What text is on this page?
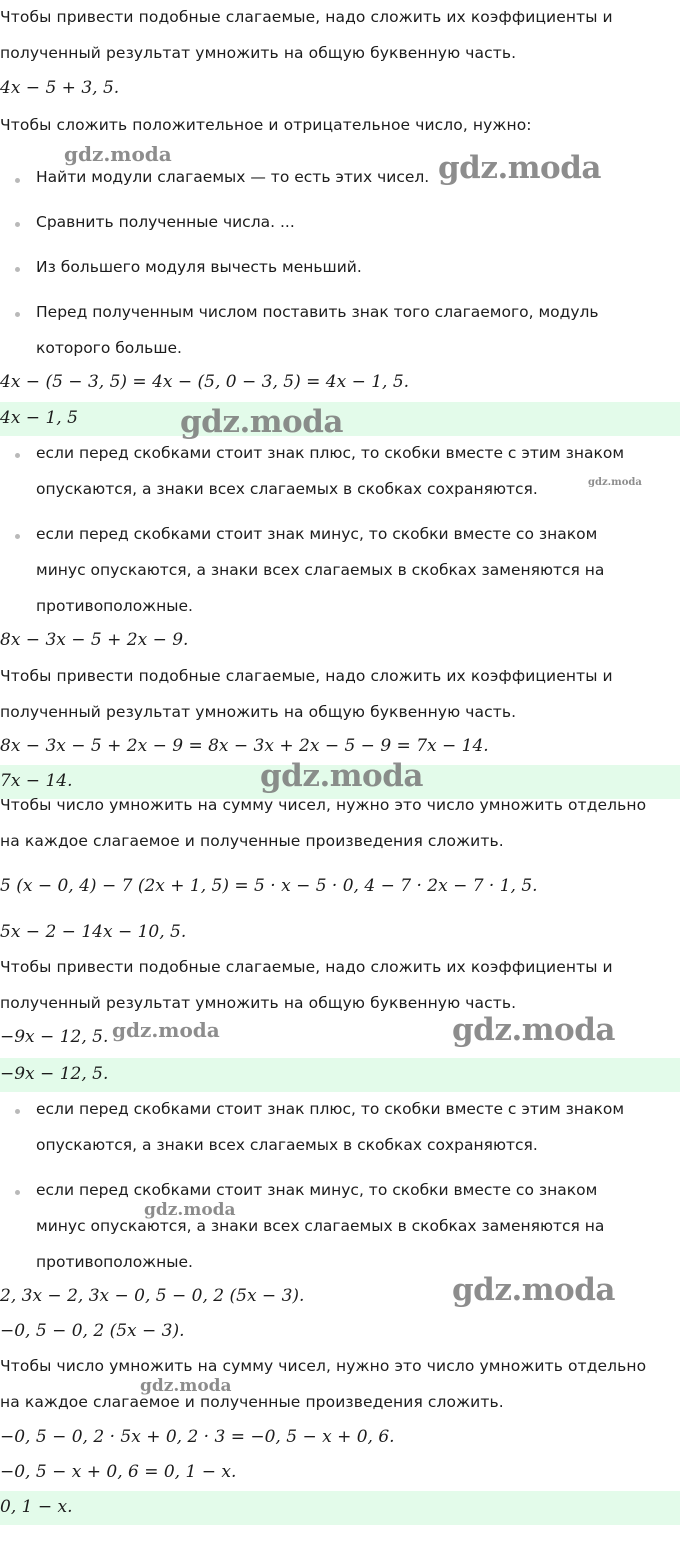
Чтобы привести подобные слагаемые, надо сложить их коэффициенты и
полученный результат умножить на общую буквенную часть.
4x − 5 + 3, 5.
Чтобы сложить положительное и отрицательное число, нужно:
Найти модули слагаемых — то есть этих чисел.
Сравнить полученные числа. ...
Из большего модуля вычесть меньший.
Перед полученным числом поставить знак того слагаемого, модуль
которого больше.
4x − (5 − 3, 5) = 4x − (5, 0 − 3, 5) = 4x − 1, 5.
4x − 1, 5
если перед скобками стоит знак плюс, то скобки вместе с этим знаком
опускаются, а знаки всех слагаемых в скобках сохраняются.
если перед скобками стоит знак минус, то скобки вместе со знаком
минус опускаются, а знаки всех слагаемых в скобках заменяются на
противоположные.
8x − 3x − 5 + 2x − 9.
Чтобы привести подобные слагаемые, надо сложить их коэффициенты и
полученный результат умножить на общую буквенную часть.
8x − 3x − 5 + 2x − 9 = 8x − 3x + 2x − 5 − 9 = 7x − 14.
7x − 14.
Чтобы число умножить на сумму чисел, нужно это число умножить отдельно
на каждое слагаемое и полученные произведения сложить.
5 (x − 0, 4) − 7 (2x + 1, 5) = 5 · x − 5 · 0, 4 − 7 · 2x − 7 · 1, 5.
5x − 2 − 14x − 10, 5.
Чтобы привести подобные слагаемые, надо сложить их коэффициенты и
полученный результат умножить на общую буквенную часть.
−9x − 12, 5.
−9x − 12, 5.
если перед скобками стоит знак плюс, то скобки вместе с этим знаком
опускаются, а знаки всех слагаемых в скобках сохраняются.
если перед скобками стоит знак минус, то скобки вместе со знаком
минус опускаются, а знаки всех слагаемых в скобках заменяются на
противоположные.
2, 3x − 2, 3x − 0, 5 − 0, 2 (5x − 3).
−0, 5 − 0, 2 (5x − 3).
Чтобы число умножить на сумму чисел, нужно это число умножить отдельно
на каждое слагаемое и полученные произведения сложить.
−0, 5 − 0, 2 · 5x + 0, 2 · 3 = −0, 5 − x + 0, 6.
−0, 5 − x + 0, 6 = 0, 1 − x.
0, 1 − x.
gdz.moda	gdz.moda
gdz.moda
gdz.moda
gdz.moda
gdz.moda	gdz.moda
gdz.moda
gdz.moda
gdz.moda
